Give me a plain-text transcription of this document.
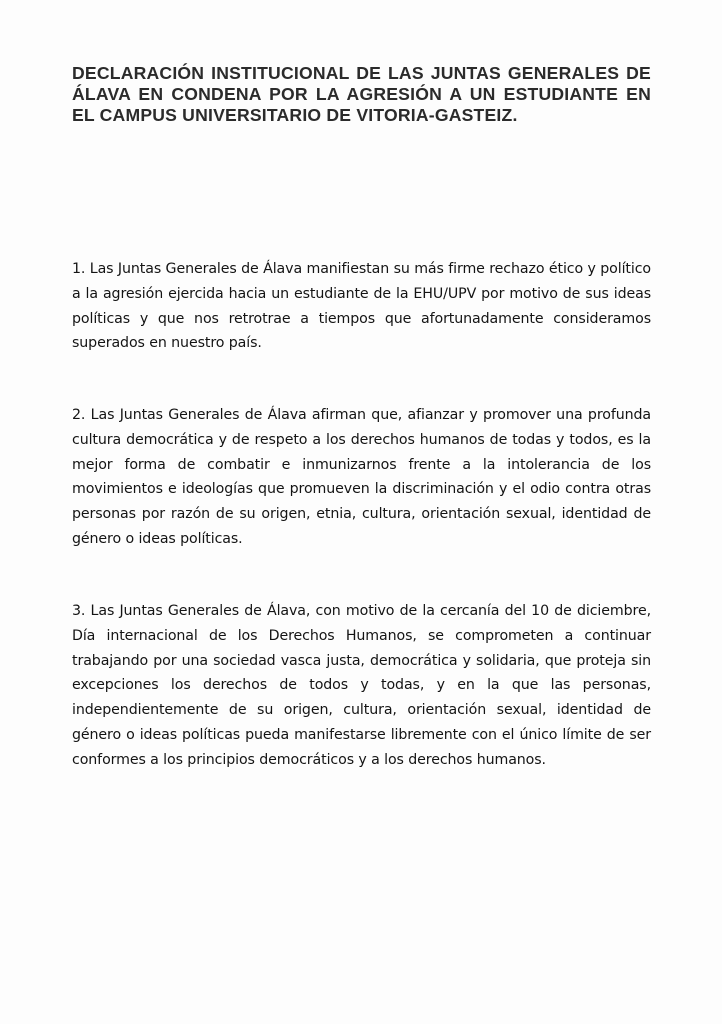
DECLARACIÓN INSTITUCIONAL DE LAS JUNTAS GENERALES DE ÁLAVA EN CONDENA POR LA AGRESIÓN A UN ESTUDIANTE EN EL CAMPUS UNIVERSITARIO DE VITORIA-GASTEIZ.

1. Las Juntas Generales de Álava manifiestan su más firme rechazo ético y político a la agresión ejercida hacia un estudiante de la EHU/UPV por motivo de sus ideas políticas y que nos retrotrae a tiempos que afortunadamente consideramos superados en nuestro país.

2. Las Juntas Generales de Álava afirman que, afianzar y promover una profunda cultura democrática y de respeto a los derechos humanos de todas y todos, es la mejor forma de combatir e inmunizarnos frente a la intolerancia de los movimientos e ideologías que promueven la discriminación y el odio contra otras personas por razón de su origen, etnia, cultura, orientación sexual, identidad de género o ideas políticas.

3. Las Juntas Generales de Álava, con motivo de la cercanía del 10 de diciembre, Día internacional de los Derechos Humanos, se comprometen a continuar trabajando por una sociedad vasca justa, democrática y solidaria, que proteja sin excepciones los derechos de todos y todas, y en la que las personas, independientemente de su origen, cultura, orientación sexual, identidad de género o ideas políticas pueda manifestarse libremente con el único límite de ser conformes a los principios democráticos y a los derechos humanos.
